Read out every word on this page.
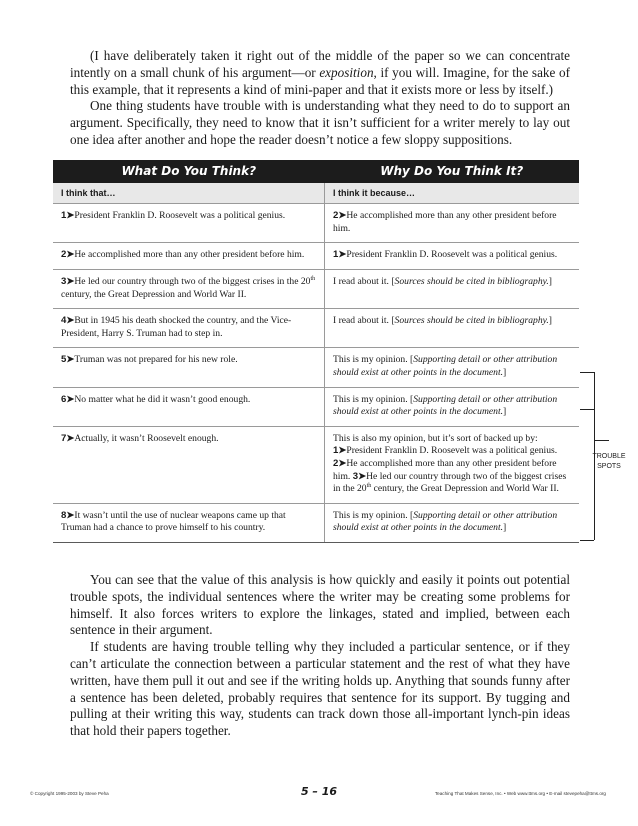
(I have deliberately taken it right out of the middle of the paper so we can concentrate intently on a small chunk of his argument—or exposition, if you will. Imagine, for the sake of this example, that it represents a kind of mini-paper and that it exists more or less by itself.)

One thing students have trouble with is understanding what they need to do to support an argument. Specifically, they need to know that it isn’t sufficient for a writer merely to lay out one idea after another and hope the reader doesn’t notice a few sloppy suppositions.

What Do You Think?	Why Do You Think It?
I think that…	I think it because…
1➤President Franklin D. Roosevelt was a political genius.	2➤He accomplished more than any other president before him.
2➤He accomplished more than any other president before him.	1➤President Franklin D. Roosevelt was a political genius.
3➤He led our country through two of the biggest crises in the 20th century, the Great Depression and World War II.	I read about it. [Sources should be cited in bibliography.]
4➤But in 1945 his death shocked the country, and the Vice-President, Harry S. Truman had to step in.	I read about it. [Sources should be cited in bibliography.]
5➤Truman was not prepared for his new role.	This is my opinion. [Supporting detail or other attribution should exist at other points in the document.]
6➤No matter what he did it wasn’t good enough.	This is my opinion. [Supporting detail or other attribution should exist at other points in the document.]
7➤Actually, it wasn’t Roosevelt enough.	This is also my opinion, but it’s sort of backed up by: 1➤President Franklin D. Roosevelt was a political genius. 2➤He accomplished more than any other president before him. 3➤He led our country through two of the biggest crises in the 20th century, the Great Depression and World War II.
8➤It wasn’t until the use of nuclear weapons came up that Truman had a chance to prove himself to his country.	This is my opinion. [Supporting detail or other attribution should exist at other points in the document.]
TROUBLE SPOTS

You can see that the value of this analysis is how quickly and easily it points out potential trouble spots, the individual sentences where the writer may be creating some problems for himself. It also forces writers to explore the linkages, stated and implied, between each sentence in their argument.

If students are having trouble telling why they included a particular sentence, or if they can’t articulate the connection between a particular statement and the rest of what they have written, have them pull it out and see if the writing holds up. Anything that sounds funny after a sentence has been deleted, probably requires that sentence for its support. By tugging and pulling at their writing this way, students can track down those all-important lynch-pin ideas that hold their papers together.

© Copyright 1995-2003 by Steve Peha	5 – 16	Teaching That Makes Sense, Inc. • Web www.ttms.org • E-mail stevepeha@ttms.org
